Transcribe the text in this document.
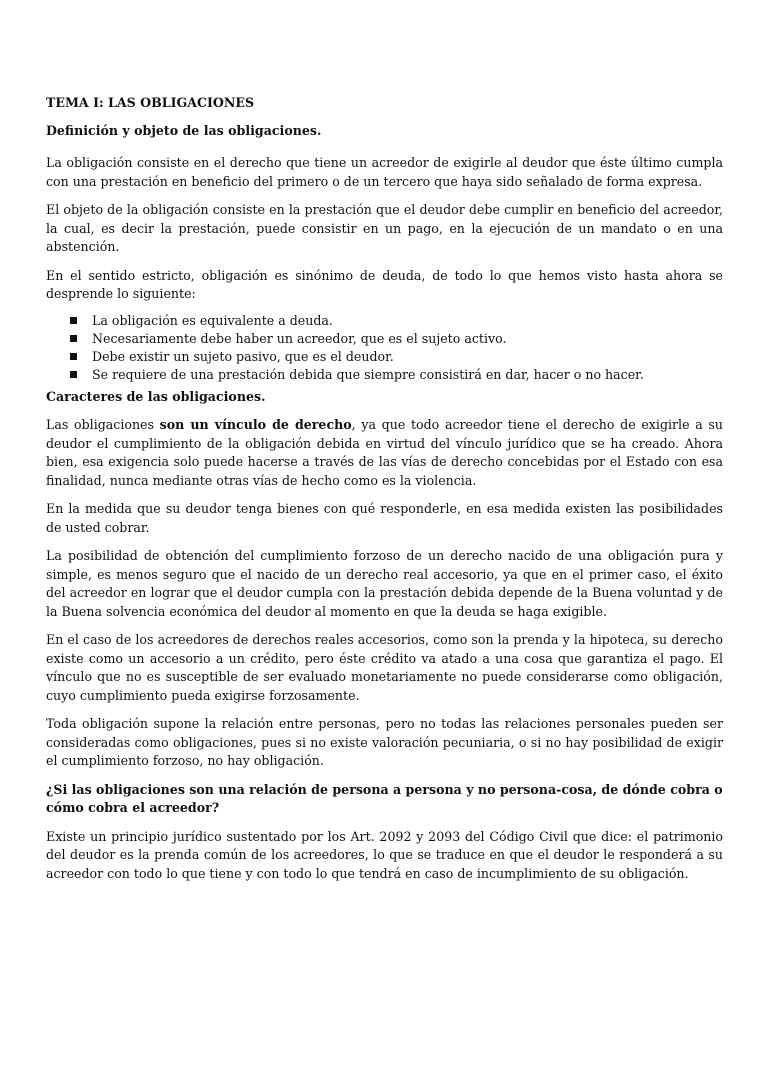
TEMA I: LAS OBLIGACIONES
Definición y objeto de las obligaciones.

La obligación consiste en el derecho que tiene un acreedor de exigirle al deudor que éste último cumpla con una prestación en beneficio del primero o de un tercero que haya sido señalado de forma expresa.

El objeto de la obligación consiste en la prestación que el deudor debe cumplir en beneficio del acreedor, la cual, es decir la prestación, puede consistir en un pago, en la ejecución de un mandato o en una abstención.

En el sentido estricto, obligación es sinónimo de deuda, de todo lo que hemos visto hasta ahora se desprende lo siguiente:

La obligación es equivalente a deuda.
Necesariamente debe haber un acreedor, que es el sujeto activo.
Debe existir un sujeto pasivo, que es el deudor.
Se requiere de una prestación debida que siempre consistirá en dar, hacer o no hacer.
Caracteres de las obligaciones.

Las obligaciones son un vínculo de derecho, ya que todo acreedor tiene el derecho de exigirle a su deudor el cumplimiento de la obligación debida en virtud del vínculo jurídico que se ha creado. Ahora bien, esa exigencia solo puede hacerse a través de las vías de derecho concebidas por el Estado con esa finalidad, nunca mediante otras vías de hecho como es la violencia.

En la medida que su deudor tenga bienes con qué responderle, en esa medida existen las posibilidades de usted cobrar.

La posibilidad de obtención del cumplimiento forzoso de un derecho nacido de una obligación pura y simple, es menos seguro que el nacido de un derecho real accesorio, ya que en el primer caso, el éxito del acreedor en lograr que el deudor cumpla con la prestación debida depende de la Buena voluntad y de la Buena solvencia económica del deudor al momento en que la deuda se haga exigible.

En el caso de los acreedores de derechos reales accesorios, como son la prenda y la hipoteca, su derecho existe como un accesorio a un crédito, pero éste crédito va atado a una cosa que garantiza el pago. El vínculo que no es susceptible de ser evaluado monetariamente no puede considerarse como obligación, cuyo cumplimiento pueda exigirse forzosamente.

Toda obligación supone la relación entre personas, pero no todas las relaciones personales pueden ser consideradas como obligaciones, pues si no existe valoración pecuniaria, o si no hay posibilidad de exigir el cumplimiento forzoso, no hay obligación.

¿Si las obligaciones son una relación de persona a persona y no persona-cosa, de dónde cobra o cómo cobra el acreedor?

Existe un principio jurídico sustentado por los Art. 2092 y 2093 del Código Civil que dice: el patrimonio del deudor es la prenda común de los acreedores, lo que se traduce en que el deudor le responderá a su acreedor con todo lo que tiene y con todo lo que tendrá en caso de incumplimiento de su obligación.
